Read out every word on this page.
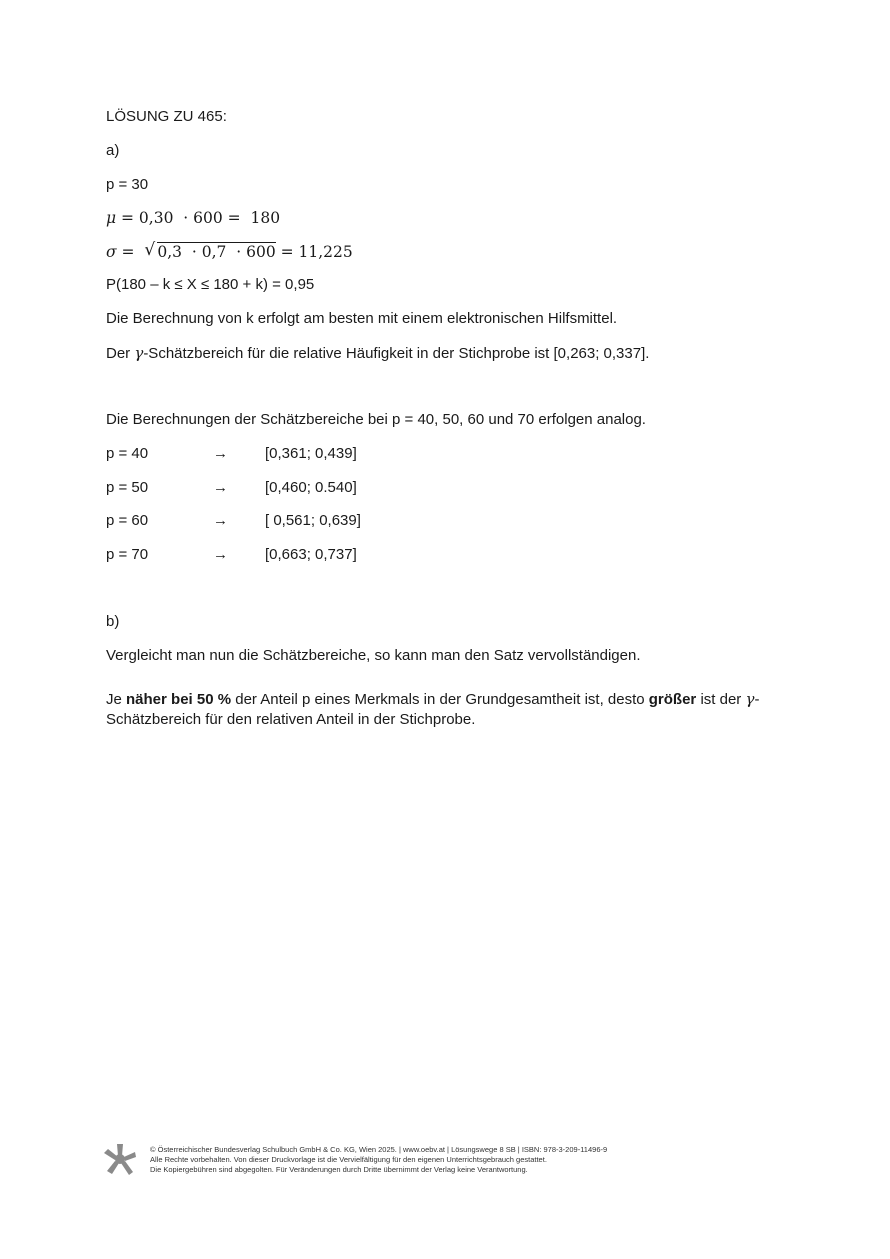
LÖSUNG ZU 465:
a)
p = 30
μ = 0,30  · 600 =  180
σ = √ 0,3  · 0,7  · 600 = 11,225
P(180 – k ≤ X ≤ 180 + k) = 0,95
Die Berechnung von k erfolgt am besten mit einem elektronischen Hilfsmittel.
Der γ-Schätzbereich für die relative Häufigkeit in der Stichprobe ist [0,263; 0,337].
Die Berechnungen der Schätzbereiche bei p = 40, 50, 60 und 70 erfolgen analog.
p = 40	→ [0,361; 0,439]
p = 50	→ [0,460; 0.540]
p = 60	→ [ 0,561; 0,639]
p = 70	→ [0,663; 0,737]
b)
Vergleicht man nun die Schätzbereiche, so kann man den Satz vervollständigen.
Je näher bei 50 % der Anteil p eines Merkmals in der Grundgesamtheit ist, desto größer ist der γ-
Schätzbereich für den relativen Anteil in der Stichprobe.
© Österreichischer Bundesverlag Schulbuch GmbH & Co. KG, Wien 2025. | www.oebv.at | Lösungswege 8 SB | ISBN: 978-3-209-11496-9
Alle Rechte vorbehalten. Von dieser Druckvorlage ist die Vervielfältigung für den eigenen Unterrichtsgebrauch gestattet.
Die Kopiergebühren sind abgegolten. Für Veränderungen durch Dritte übernimmt der Verlag keine Verantwortung.
